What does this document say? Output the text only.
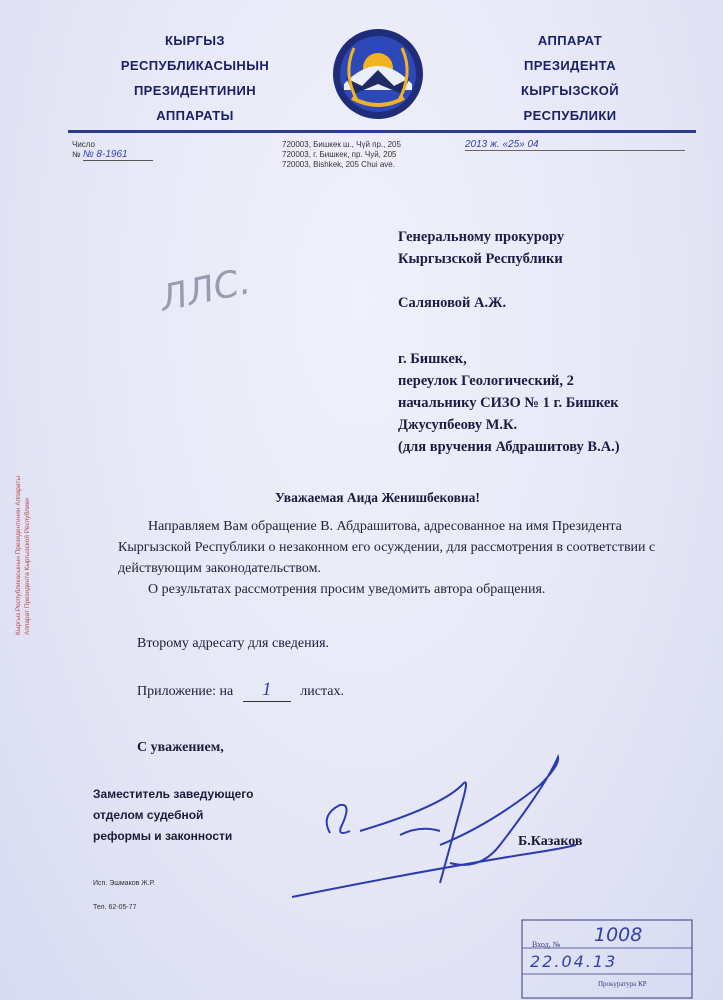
КЫРГЫЗ
РЕСПУБЛИКАСЫНЫН
ПРЕЗИДЕНТИНИН
АППАРАТЫ
АППАРАТ
ПРЕЗИДЕНТА
КЫРГЫЗСКОЙ
РЕСПУБЛИКИ
Число
№ № 8-1961
720003, Бишкек ш., Чүй пр., 205
720003, г. Бишкек, пр. Чуй, 205
720003, Bishkek, 205 Chui ave.
2013 ж. «25» 04
ЛЛС.
Кыргыз Республикасынын Президентинин Аппараты Аппарат Президента Кыргызской Республики

Генеральному прокурору

Кыргызской Республики

Саляновой А.Ж.

г. Бишкек,

переулок Геологический, 2

начальнику СИЗО № 1 г. Бишкек

Джусупбеову М.К.

(для вручения Абдрашитову В.А.)

Уважаемая Аида Женишбековна!

Направляем Вам обращение В. Абдрашитова, адресованное на имя Президента Кыргызской Республики о незаконном его осуждении, для рассмотрения в соответствии с действующим законодательством.

О результатах рассмотрения просим уведомить автора обращения.

Второму адресату для сведения.
Приложение: на 1 листах.
С уважением,

Заместитель заведующего

отделом судебной

реформы и законности	Б.Казаков

Исп. Эшмаков Ж.Р.

Тел. 62-05-77

Вход. № 1008
22.04.13
Прокуратура КР
